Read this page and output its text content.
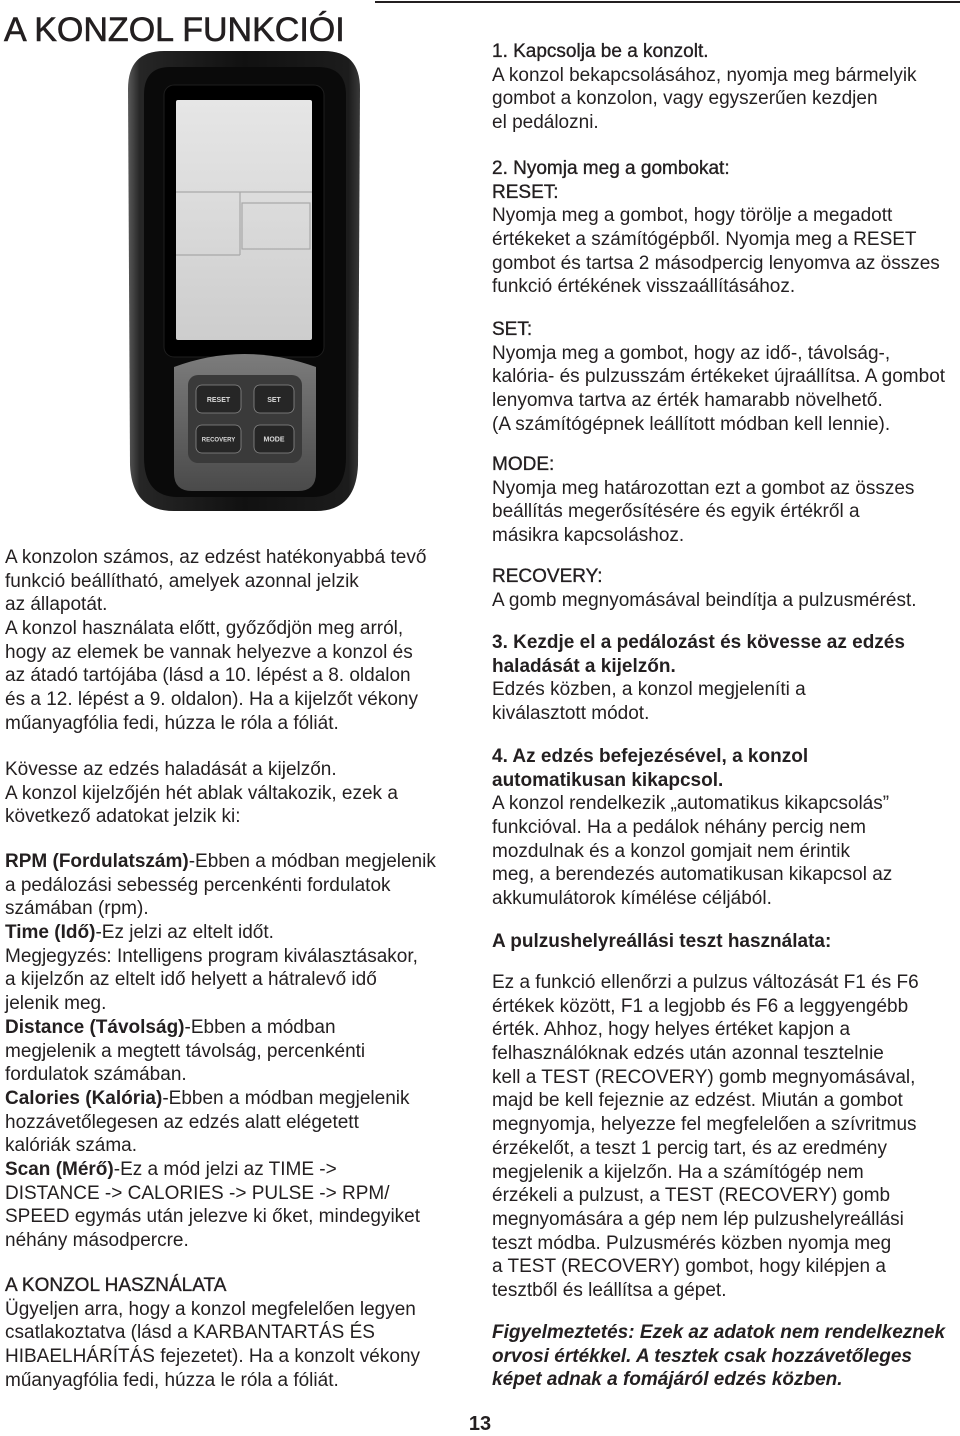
A KONZOL FUNKCIÓI
RESET	SET
RECOVERY	MODE
A konzolon számos, az edzést hatékonyabbá tevő
funkció beállítható, amelyek azonnal jelzik
az állapotát.
A konzol használata előtt, győződjön meg arról,
hogy az elemek be vannak helyezve a konzol és
az átadó tartójába (lásd a 10. lépést a 8. oldalon
és a 12. lépést a 9. oldalon). Ha a kijelzőt vékony
műanyagfólia fedi, húzza le róla a fóliát.
Kövesse az edzés haladását a kijelzőn.
A konzol kijelzőjén hét ablak váltakozik, ezek a
következő adatokat jelzik ki:
RPM (Fordulatszám)-Ebben a módban megjelenik
a pedálozási sebesség percenkénti fordulatok
számában (rpm).
Time (Idő)-Ez jelzi az eltelt időt.
Megjegyzés: Intelligens program kiválasztásakor,
a kijelzőn az eltelt idő helyett a hátralevő idő
jelenik meg.
Distance (Távolság)-Ebben a módban
megjelenik a megtett távolság, percenkénti
fordulatok számában.
Calories (Kalória)-Ebben a módban megjelenik
hozzávetőlegesen az edzés alatt elégetett
kalóriák száma.
Scan (Mérő)-Ez a mód jelzi az TIME ->
DISTANCE -> CALORIES -> PULSE -> RPM/
SPEED egymás után jelezve ki őket, mindegyiket
néhány másodpercre.
A KONZOL HASZNÁLATA
Ügyeljen arra, hogy a konzol megfelelően legyen
csatlakoztatva (lásd a KARBANTARTÁS ÉS
HIBAELHÁRÍTÁS fejezetet). Ha a konzolt vékony
műanyagfólia fedi, húzza le róla a fóliát.
1. Kapcsolja be a konzolt.
A konzol bekapcsolásához, nyomja meg bármelyik
gombot a konzolon, vagy egyszerűen kezdjen
el pedálozni.
2. Nyomja meg a gombokat:
RESET:
Nyomja meg a gombot, hogy törölje a megadott
értékeket a számítógépből. Nyomja meg a RESET
gombot és tartsa 2 másodpercig lenyomva az összes
funkció értékének visszaállításához.
SET:
Nyomja meg a gombot, hogy az idő-, távolság-,
kalória- és pulzusszám értékeket újraállítsa. A gombot
lenyomva tartva az érték hamarabb növelhető.
(A számítógépnek leállított módban kell lennie).
MODE:
Nyomja meg határozottan ezt a gombot az összes
beállítás megerősítésére és egyik értékről a
másikra kapcsoláshoz.
RECOVERY:
A gomb megnyomásával beindítja a pulzusmérést.
3. Kezdje el a pedálozást és kövesse az edzés
haladását a kijelzőn.
Edzés közben, a konzol megjeleníti a
kiválasztott módot.
4. Az edzés befejezésével, a konzol
automatikusan kikapcsol.
A konzol rendelkezik „automatikus kikapcsolás”
funkcióval. Ha a pedálok néhány percig nem
mozdulnak és a konzol gomjait nem érintik
meg, a berendezés automatikusan kikapcsol az
akkumulátorok kímélése céljából.
A pulzushelyreállási teszt használata:
Ez a funkció ellenőrzi a pulzus változását F1 és F6
értékek között, F1 a legjobb és F6 a leggyengébb
érték. Ahhoz, hogy helyes értéket kapjon a
felhasználóknak edzés után azonnal tesztelnie
kell a TEST (RECOVERY) gomb megnyomásával,
majd be kell fejeznie az edzést. Miután a gombot
megnyomja, helyezze fel megfelelően a szívritmus
érzékelőt, a teszt 1 percig tart, és az eredmény
megjelenik a kijelzőn. Ha a számítógép nem
érzékeli a pulzust, a TEST (RECOVERY) gomb
megnyomására a gép nem lép pulzushelyreállási
teszt módba. Pulzusmérés közben nyomja meg
a TEST (RECOVERY) gombot, hogy kilépjen a
tesztből és leállítsa a gépet.
Figyelmeztetés: Ezek az adatok nem rendelkeznek
orvosi értékkel. A tesztek csak hozzávetőleges
képet adnak a fomájáról edzés közben.
13
